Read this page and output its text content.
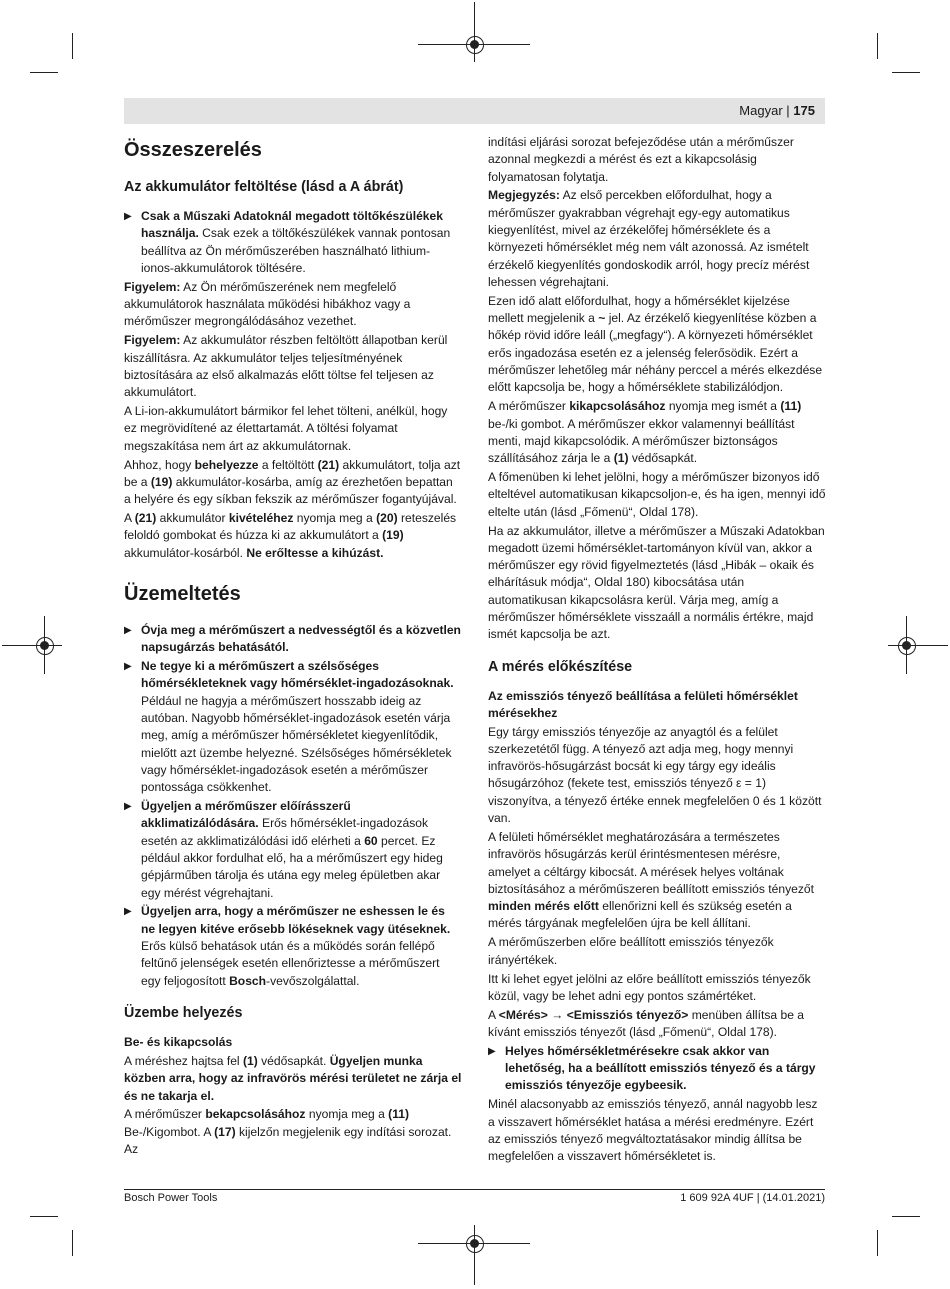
Magyar | 175
Összeszerelés
Az akkumulátor feltöltése (lásd a A ábrát)
▶ Csak a Műszaki Adatoknál megadott töltőkészülékek használja. Csak ezek a töltőkészülékek vannak pontosan beállítva az Ön mérőműszerében használható lithium-ionos-akkumulátorok töltésére.

Figyelem: Az Ön mérőműszerének nem megfelelő akkumulátorok használata működési hibákhoz vagy a mérőműszer megrongálódásához vezethet.

Figyelem: Az akkumulátor részben feltöltött állapotban kerül kiszállításra. Az akkumulátor teljes teljesítményének biztosítására az első alkalmazás előtt töltse fel teljesen az akkumulátort.

A Li-ion-akkumulátort bármikor fel lehet tölteni, anélkül, hogy ez megrövidítené az élettartamát. A töltési folyamat megszakítása nem árt az akkumulátornak.

Ahhoz, hogy behelyezze a feltöltött (21) akkumulátort, tolja azt be a (19) akkumulátor-kosárba, amíg az érezhetően bepattan a helyére és egy síkban fekszik az mérőműszer fogantyújával.

A (21) akkumulátor kivételéhez nyomja meg a (20) reteszelés feloldó gombokat és húzza ki az akkumulátort a (19) akkumulátor-kosárból. Ne erőltesse a kihúzást.

Üzemeltetés
▶ Óvja meg a mérőműszert a nedvességtől és a közvetlen napsugárzás behatásától.
▶ Ne tegye ki a mérőműszert a szélsőséges hőmérsékleteknek vagy hőmérséklet-ingadozásoknak. Például ne hagyja a mérőműszert hosszabb ideig az autóban. Nagyobb hőmérséklet-ingadozások esetén várja meg, amíg a mérőműszer hőmérsékletet kiegyenlítődik, mielőtt azt üzembe helyezné. Szélsőséges hőmérsékletek vagy hőmérséklet-ingadozások esetén a mérőműszer pontossága csökkenhet.
▶ Ügyeljen a mérőműszer előírásszerű akklimatizálódására. Erős hőmérséklet-ingadozások esetén az akklimatizálódási idő elérheti a 60 percet. Ez például akkor fordulhat elő, ha a mérőműszert egy hideg gépjárműben tárolja és utána egy meleg épületben akar egy mérést végrehajtani.
▶ Ügyeljen arra, hogy a mérőműszer ne eshessen le és ne legyen kitéve erősebb lökéseknek vagy ütéseknek. Erős külső behatások után és a működés során fellépő feltűnő jelenségek esetén ellenőriztesse a mérőműszert egy feljogosított Bosch-vevőszolgálattal.
Üzembe helyezés
Be- és kikapcsolás

A méréshez hajtsa fel (1) védősapkát. Ügyeljen munka közben arra, hogy az infravörös mérési területet ne zárja el és ne takarja el.

A mérőműszer bekapcsolásához nyomja meg a (11) Be-/Kigombot. A (17) kijelzőn megjelenik egy indítási sorozat. Az

indítási eljárási sorozat befejeződése után a mérőműszer azonnal megkezdi a mérést és ezt a kikapcsolásig folyamatosan folytatja.

Megjegyzés: Az első percekben előfordulhat, hogy a mérőműszer gyakrabban végrehajt egy-egy automatikus kiegyenlítést, mivel az érzékelőfej hőmérséklete és a környezeti hőmérséklet még nem vált azonossá. Az ismételt érzékelő kiegyenlítés gondoskodik arról, hogy precíz mérést lehessen végrehajtani.

Ezen idő alatt előfordulhat, hogy a hőmérséklet kijelzése mellett megjelenik a ~ jel. Az érzékelő kiegyenlítése közben a hőkép rövid időre leáll („megfagy“). A környezeti hőmérséklet erős ingadozása esetén ez a jelenség felerősödik. Ezért a mérőműszer lehetőleg már néhány perccel a mérés elkezdése előtt kapcsolja be, hogy a hőmérséklete stabilizálódjon.

A mérőműszer kikapcsolásához nyomja meg ismét a (11) be-/ki gombot. A mérőműszer ekkor valamennyi beállítást menti, majd kikapcsolódik. A mérőműszer biztonságos szállításához zárja le a (1) védősapkát.

A főmenüben ki lehet jelölni, hogy a mérőműszer bizonyos idő elteltével automatikusan kikapcsoljon-e, és ha igen, mennyi idő eltelte után (lásd „Főmenü“, Oldal 178).

Ha az akkumulátor, illetve a mérőműszer a Műszaki Adatokban megadott üzemi hőmérséklet-tartományon kívül van, akkor a mérőműszer egy rövid figyelmeztetés (lásd „Hibák – okaik és elhárításuk módja“, Oldal 180) kibocsátása után automatikusan kikapcsolásra kerül. Várja meg, amíg a mérőműszer hőmérséklete visszaáll a normális értékre, majd ismét kapcsolja be azt.

A mérés előkészítése
Az emissziós tényező beállítása a felületi hőmérséklet mérésekhez

Egy tárgy emissziós tényezője az anyagtól és a felület szerkezetétől függ. A tényező azt adja meg, hogy mennyi infravörös-hősugárzást bocsát ki egy tárgy egy ideális hősugárzóhoz (fekete test, emissziós tényező ε = 1) viszonyítva, a tényező értéke ennek megfelelően 0 és 1 között van.

A felületi hőmérséklet meghatározására a természetes infravörös hősugárzás kerül érintésmentesen mérésre, amelyet a céltárgy kibocsát. A mérések helyes voltának biztosításához a mérőműszeren beállított emissziós tényezőt minden mérés előtt ellenőrizni kell és szükség esetén a mérés tárgyának megfelelően újra be kell állítani.

A mérőműszerben előre beállított emissziós tényezők irányértékek.

Itt ki lehet egyet jelölni az előre beállított emissziós tényezők közül, vagy be lehet adni egy pontos számértéket.

A <Mérés> → <Emissziós tényező> menüben állítsa be a kívánt emissziós tényezőt (lásd „Főmenü“, Oldal 178).

▶ Helyes hőmérsékletmérésekre csak akkor van lehetőség, ha a beállított emissziós tényező és a tárgy emissziós tényezője egybeesik.

Minél alacsonyabb az emissziós tényező, annál nagyobb lesz a visszavert hőmérséklet hatása a mérési eredményre. Ezért az emissziós tényező megváltoztatásakor mindig állítsa be megfelelően a visszavert hőmérsékletet is.

Bosch Power Tools	1 609 92A 4UF | (14.01.2021)
